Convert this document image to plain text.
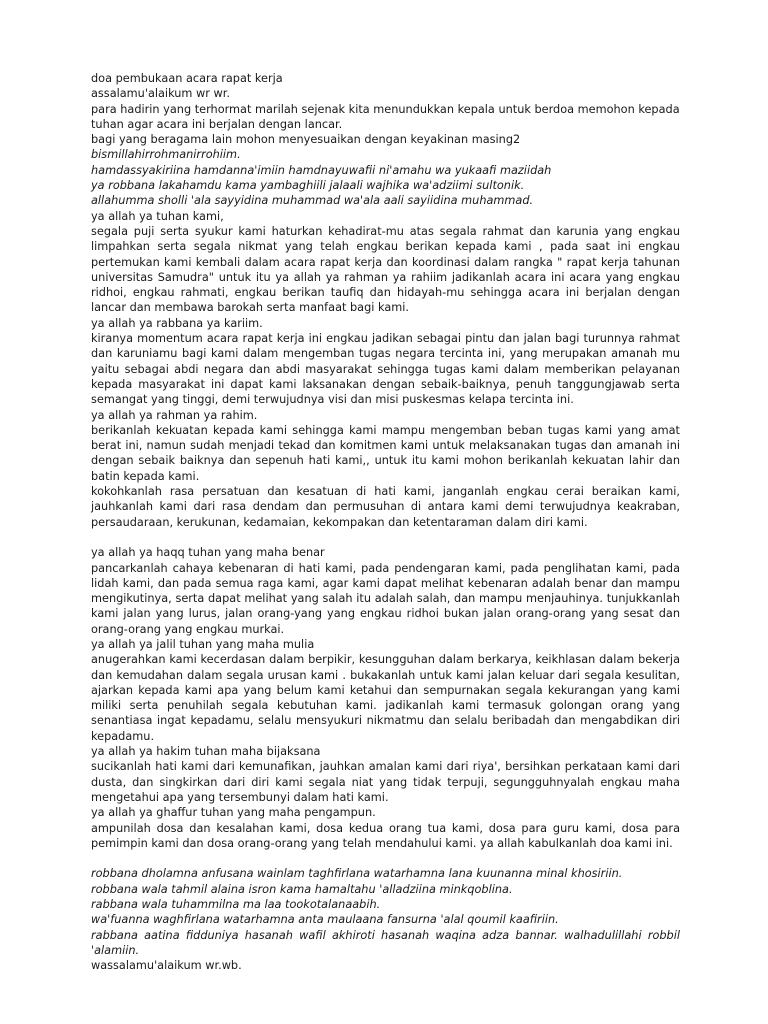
doa pembukaan acara rapat kerja

assalamu'alaikum wr wr.

para hadirin yang terhormat marilah sejenak kita menundukkan kepala untuk berdoa memohon kepada tuhan agar acara ini berjalan dengan lancar.

bagi yang beragama lain mohon menyesuaikan dengan keyakinan masing2

bismillahirrohmanirrohiim.

hamdassyakiriina hamdanna'imiin hamdnayuwafii ni'amahu wa yukaafi maziidah

ya robbana lakahamdu kama yambaghiili jalaali wajhika wa'adziimi sultonik.

allahumma sholli 'ala sayyidina muhammad wa'ala aali sayiidina muhammad.

ya allah ya tuhan kami,

segala puji serta syukur kami haturkan kehadirat-mu atas segala rahmat dan karunia yang engkau limpahkan serta segala nikmat yang telah engkau berikan kepada kami , pada saat ini engkau pertemukan kami kembali dalam acara rapat kerja dan koordinasi dalam rangka " rapat kerja tahunan universitas Samudra" untuk itu ya allah ya rahman ya rahiim jadikanlah acara ini acara yang engkau ridhoi, engkau rahmati, engkau berikan taufiq dan hidayah-mu sehingga acara ini berjalan dengan lancar dan membawa barokah serta manfaat bagi kami.

ya allah ya rabbana ya kariim.

kiranya momentum acara rapat kerja ini engkau jadikan sebagai pintu dan jalan bagi turunnya rahmat dan karuniamu bagi kami dalam mengemban tugas negara tercinta ini, yang merupakan amanah mu yaitu sebagai abdi negara dan abdi masyarakat sehingga tugas kami dalam memberikan pelayanan kepada masyarakat ini dapat kami laksanakan dengan sebaik-baiknya, penuh tanggungjawab serta semangat yang tinggi, demi terwujudnya visi dan misi puskesmas kelapa tercinta ini.

ya allah ya rahman ya rahim.

berikanlah kekuatan kepada kami sehingga kami mampu mengemban beban tugas kami yang amat berat ini, namun sudah menjadi tekad dan komitmen kami untuk melaksanakan tugas dan amanah ini dengan sebaik baiknya dan sepenuh hati kami,, untuk itu kami mohon berikanlah kekuatan lahir dan batin kepada kami.

kokohkanlah rasa persatuan dan kesatuan di hati kami, janganlah engkau cerai beraikan kami, jauhkanlah kami dari rasa dendam dan permusuhan di antara kami demi terwujudnya keakraban, persaudaraan, kerukunan, kedamaian, kekompakan dan ketentaraman dalam diri kami.

ya allah ya haqq tuhan yang maha benar

pancarkanlah cahaya kebenaran di hati kami, pada pendengaran kami, pada penglihatan kami, pada lidah kami, dan pada semua raga kami, agar kami dapat melihat kebenaran adalah benar dan mampu mengikutinya, serta dapat melihat yang salah itu adalah salah, dan mampu menjauhinya. tunjukkanlah kami jalan yang lurus, jalan orang-yang yang engkau ridhoi bukan jalan orang-orang yang sesat dan orang-orang yang engkau murkai.

ya allah ya jalil tuhan yang maha mulia

anugerahkan kami kecerdasan dalam berpikir, kesungguhan dalam berkarya, keikhlasan dalam bekerja dan kemudahan dalam segala urusan kami . bukakanlah untuk kami jalan keluar dari segala kesulitan, ajarkan kepada kami apa yang belum kami ketahui dan sempurnakan segala kekurangan yang kami miliki serta penuhilah segala kebutuhan kami. jadikanlah kami termasuk golongan orang yang senantiasa ingat kepadamu, selalu mensyukuri nikmatmu dan selalu beribadah dan mengabdikan diri kepadamu.

ya allah ya hakim tuhan maha bijaksana

sucikanlah hati kami dari kemunafikan, jauhkan amalan kami dari riya', bersihkan perkataan kami dari dusta, dan singkirkan dari diri kami segala niat yang tidak terpuji, segungguhnyalah engkau maha mengetahui apa yang tersembunyi dalam hati kami.

ya allah ya ghaffur tuhan yang maha pengampun.

ampunilah dosa dan kesalahan kami, dosa kedua orang tua kami, dosa para guru kami, dosa para pemimpin kami dan dosa orang-orang yang telah mendahului kami. ya allah kabulkanlah doa kami ini.

robbana dholamna anfusana wainlam taghfirlana watarhamna lana kuunanna minal khosiriin.

robbana wala tahmil alaina isron kama hamaltahu 'alladziina minkqoblina.

rabbana wala tuhammilna ma laa tookotalanaabih.

wa'fuanna waghfirlana watarhamna anta maulaana fansurna 'alal qoumil kaafiriin.

rabbana aatina fidduniya hasanah wafil akhiroti hasanah waqina adza bannar. walhadulillahi robbil 'alamiin.

wassalamu'alaikum wr.wb.
